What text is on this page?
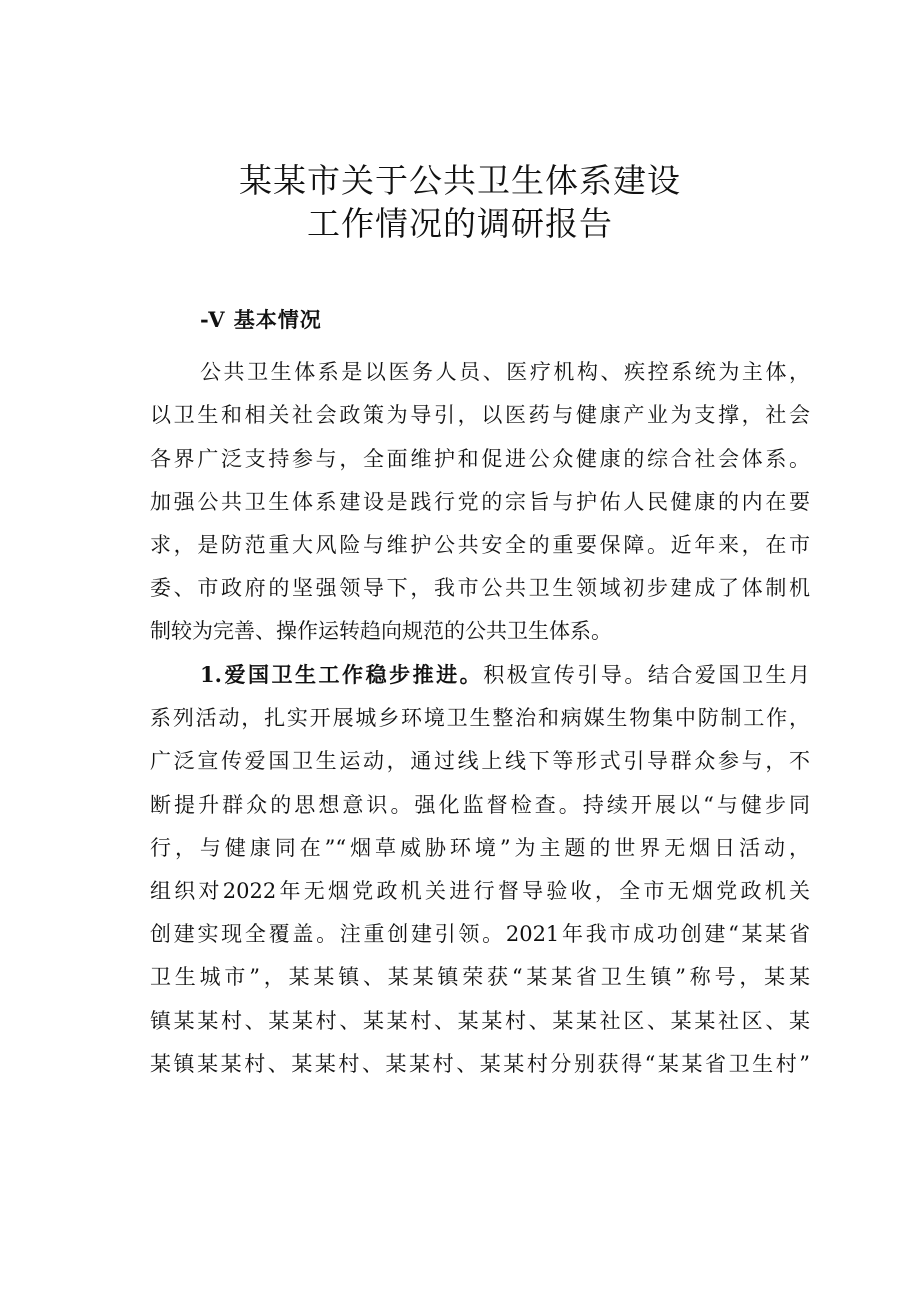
某某市关于公共卫生体系建设
工作情况的调研报告
-V 基本情况
公共卫生体系是以医务人员、医疗机构、疾控系统为主体，
以卫生和相关社会政策为导引，以医药与健康产业为支撑，社会
各界广泛支持参与，全面维护和促进公众健康的综合社会体系。
加强公共卫生体系建设是践行党的宗旨与护佑人民健康的内在要
求，是防范重大风险与维护公共安全的重要保障。近年来，在市
委、市政府的坚强领导下，我市公共卫生领域初步建成了体制机
制较为完善、操作运转趋向规范的公共卫生体系。
1.爱国卫生工作稳步推进。积极宣传引导。结合爱国卫生月
系列活动，扎实开展城乡环境卫生整治和病媒生物集中防制工作，
广泛宣传爱国卫生运动，通过线上线下等形式引导群众参与，不
断提升群众的思想意识。强化监督检查。持续开展以“与健步同
行，与健康同在”“烟草威胁环境”为主题的世界无烟日活动，
组织对2022年无烟党政机关进行督导验收，全市无烟党政机关
创建实现全覆盖。注重创建引领。2021年我市成功创建“某某省
卫生城市”，某某镇、某某镇荣获“某某省卫生镇”称号，某某
镇某某村、某某村、某某村、某某村、某某社区、某某社区、某
某镇某某村、某某村、某某村、某某村分别获得“某某省卫生村”
